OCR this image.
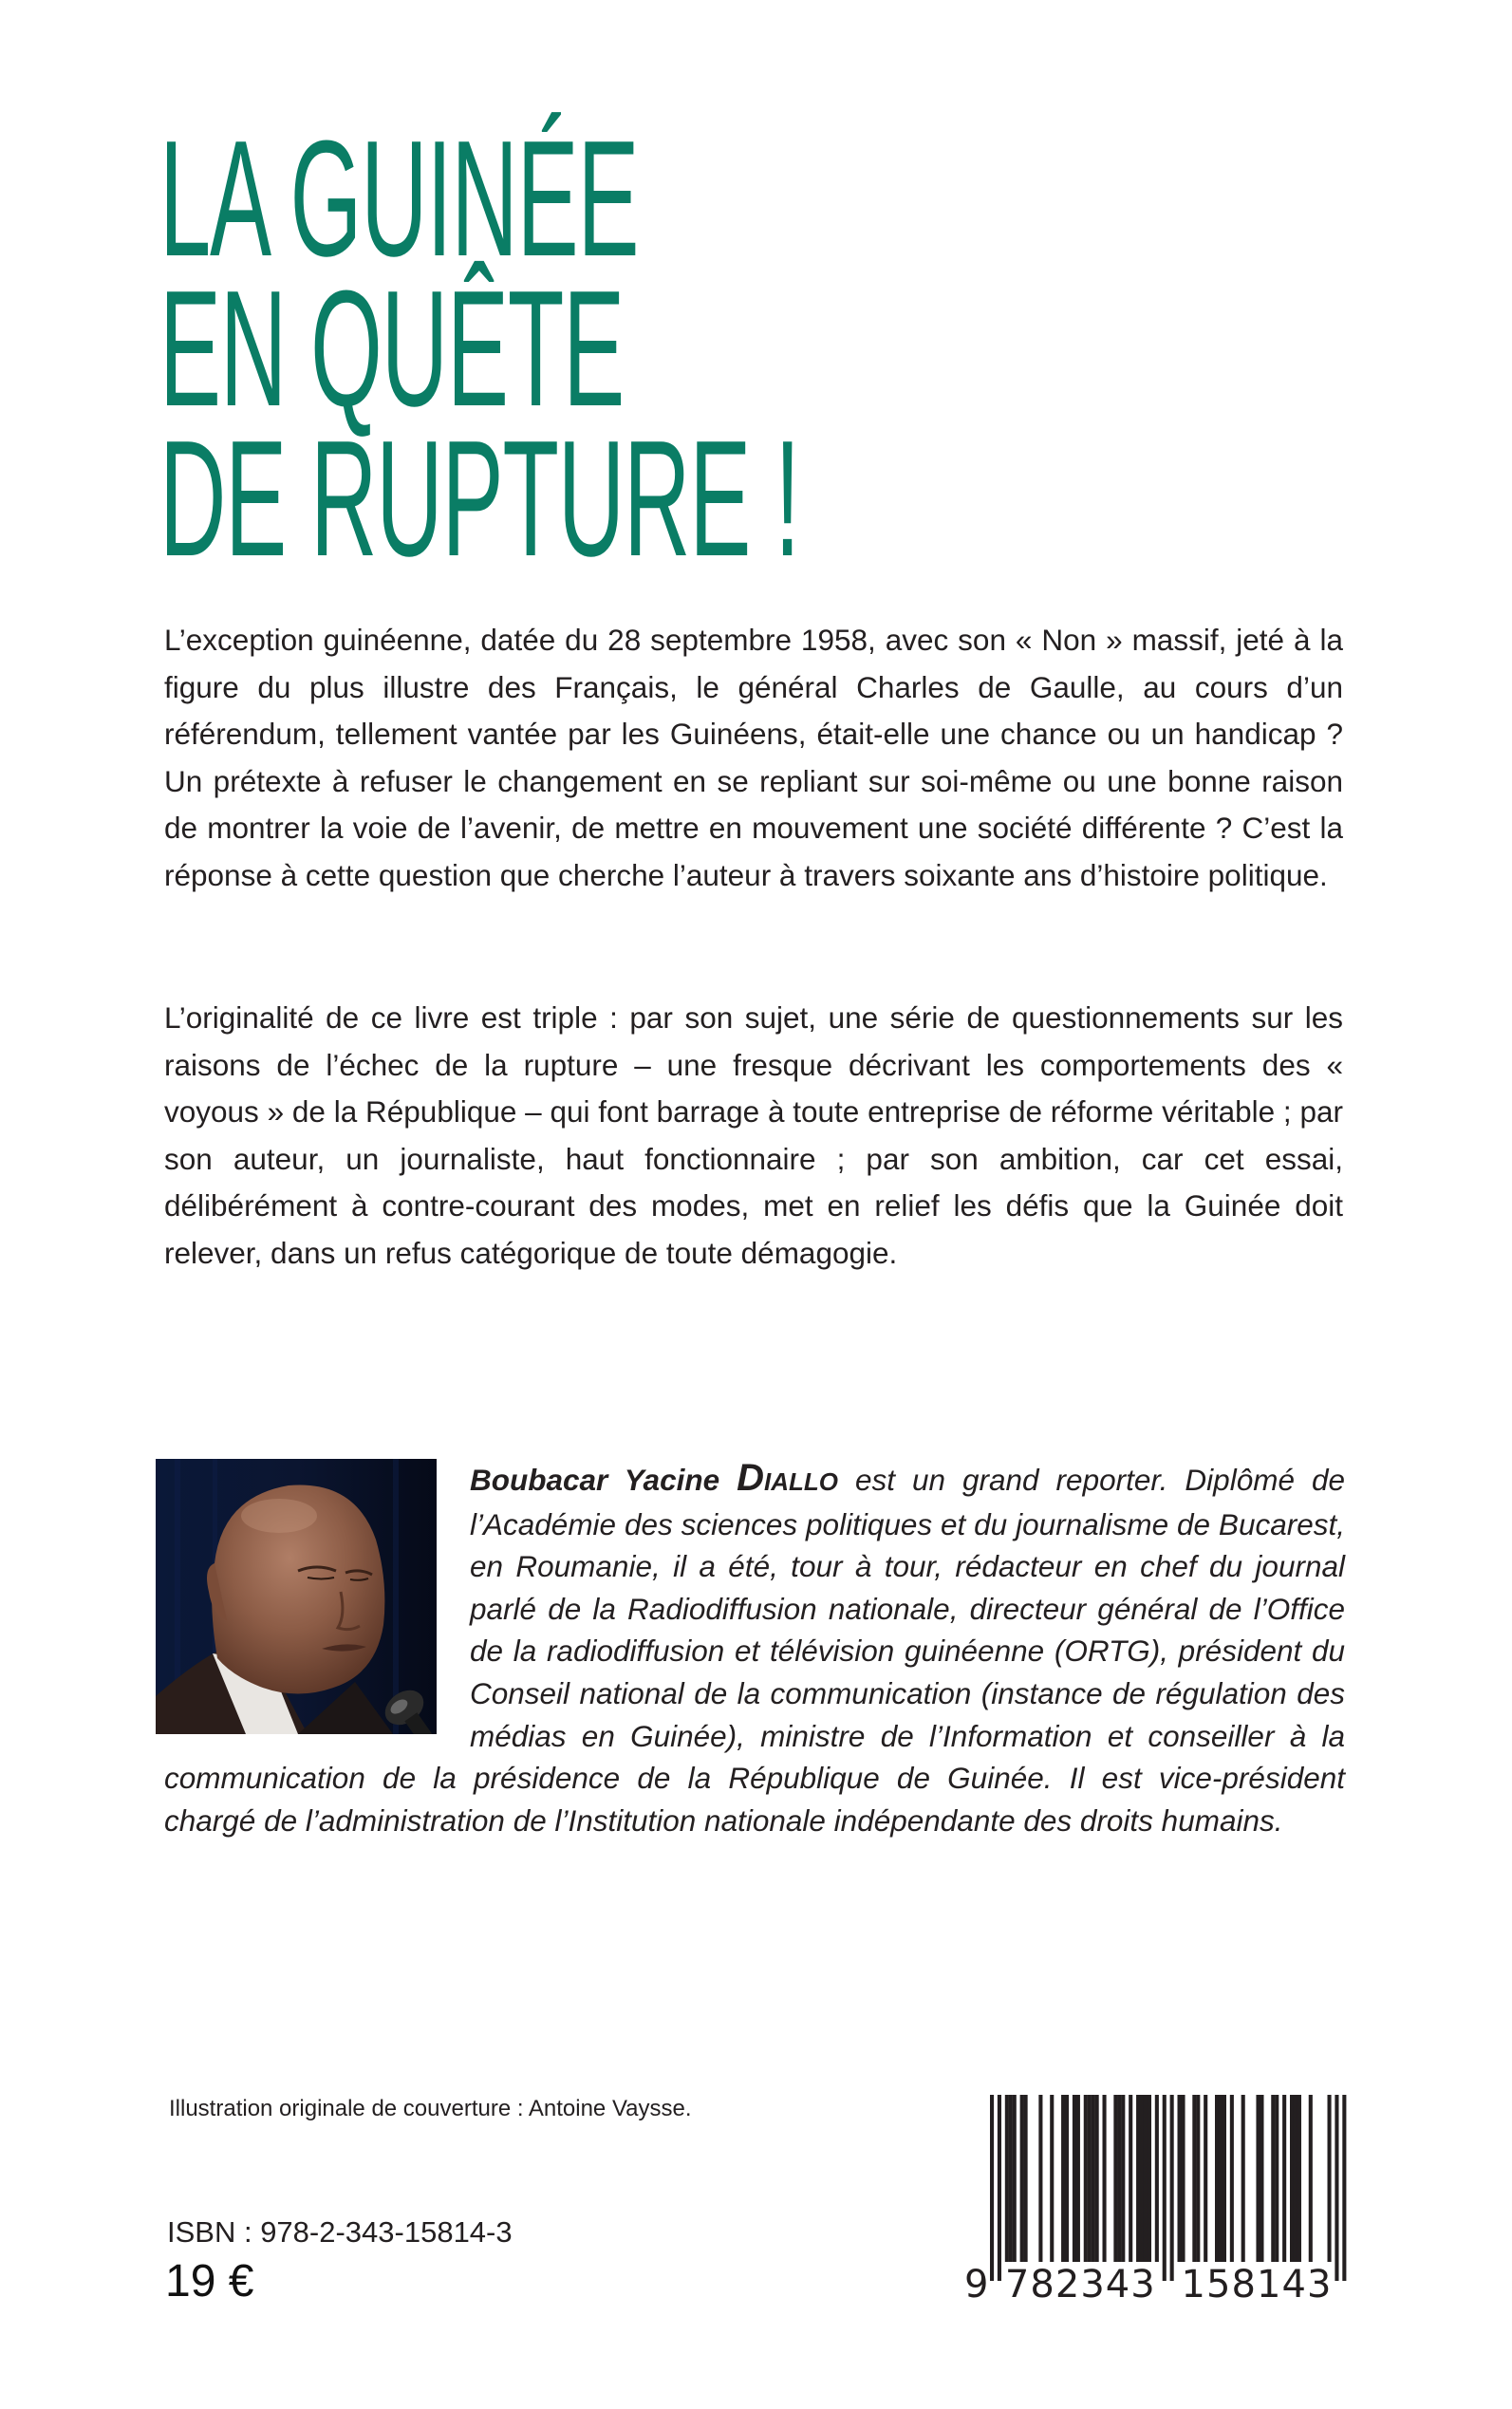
LA GUINÉE
EN QUÊTE
DE RUPTURE !

L’exception guinéenne, datée du 28 septembre 1958, avec son « Non » massif, jeté à la figure du plus illustre des Français, le général Charles de Gaulle, au cours d’un référendum, tellement vantée par les Guinéens, était-elle une chance ou un handicap ? Un prétexte à refuser le changement en se repliant sur soi-même ou une bonne raison de montrer la voie de l’avenir, de mettre en mouvement une société différente ? C’est la réponse à cette question que cherche l’auteur à travers soixante ans d’histoire politique.

L’originalité de ce livre est triple : par son sujet, une série de questionnements sur les raisons de l’échec de la rupture – une fresque décrivant les comportements des « voyous » de la République – qui font barrage à toute entreprise de réforme véritable ; par son auteur, un journaliste, haut fonctionnaire ; par son ambition, car cet essai, délibérément à contre-courant des modes, met en relief les défis que la Guinée doit relever, dans un refus catégorique de toute démagogie.

Boubacar Yacine DIALLO est un grand reporter. Diplômé de l’Académie des sciences politiques et du journalisme de Bucarest, en Roumanie, il a été, tour à tour, rédacteur en chef du journal parlé de la Radiodiffusion nationale, directeur général de l’Office de la radiodiffusion et télévision guinéenne (ORTG), président du Conseil national de la communication (instance de régulation des médias en Guinée), ministre de l’Information et conseiller à la communication de la présidence de la République de Guinée. Il est vice-président chargé de l’administration de l’Institution nationale indépendante des droits humains.
Illustration originale de couverture : Antoine Vaysse.
ISBN : 978-2-343-15814-3
19 €	9 782343 158143
